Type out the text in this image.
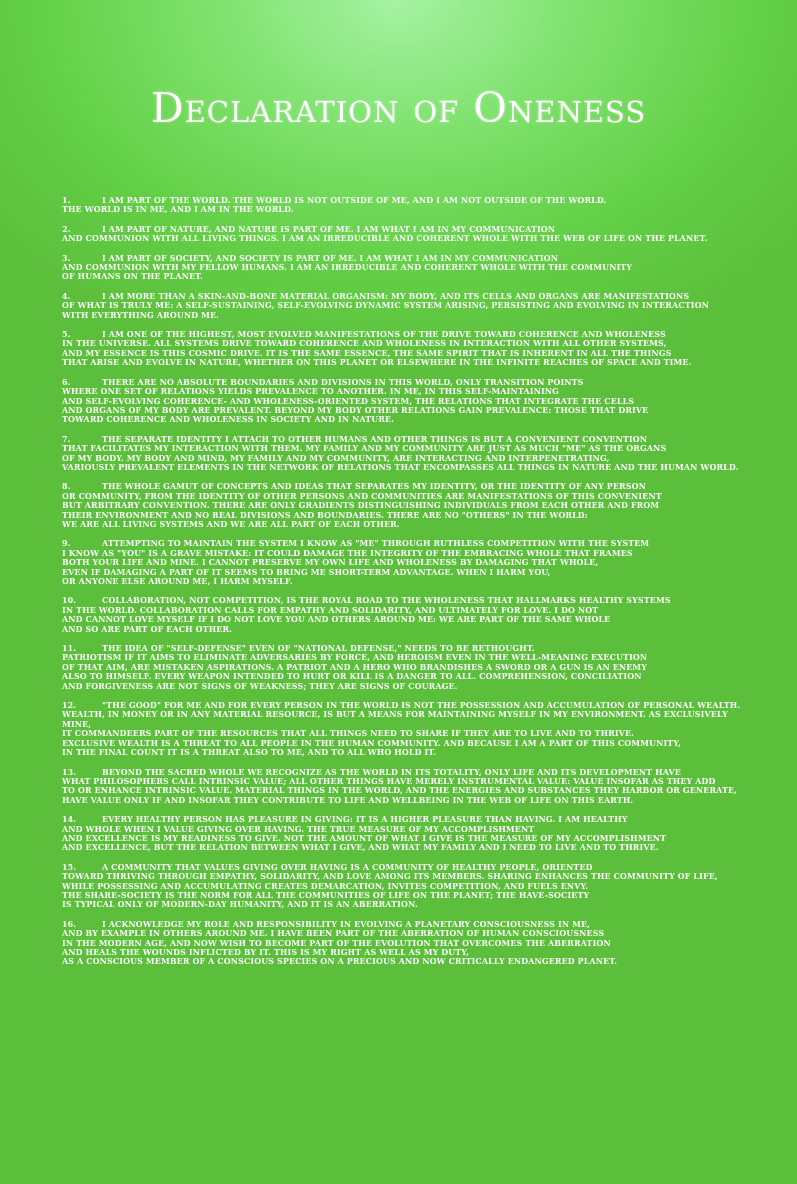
Declaration of Oneness

1.	I AM PART OF THE WORLD. THE WORLD IS NOT OUTSIDE OF ME, AND I AM NOT OUTSIDE OF THE WORLD.
THE WORLD IS IN ME, AND I AM IN THE WORLD.

2.	I AM PART OF NATURE, AND NATURE IS PART OF ME. I AM WHAT I AM IN MY COMMUNICATION
AND COMMUNION WITH ALL LIVING THINGS. I AM AN IRREDUCIBLE AND COHERENT WHOLE WITH THE WEB OF LIFE ON THE PLANET.

3.	I AM PART OF SOCIETY, AND SOCIETY IS PART OF ME. I AM WHAT I AM IN MY COMMUNICATION
AND COMMUNION WITH MY FELLOW HUMANS. I AM AN IRREDUCIBLE AND COHERENT WHOLE WITH THE COMMUNITY
OF HUMANS ON THE PLANET.

4.	I AM MORE THAN A SKIN-AND-BONE MATERIAL ORGANISM: MY BODY, AND ITS CELLS AND ORGANS ARE MANIFESTATIONS
OF WHAT IS TRULY ME: A SELF-SUSTAINING, SELF-EVOLVING DYNAMIC SYSTEM ARISING, PERSISTING AND EVOLVING IN INTERACTION
WITH EVERYTHING AROUND ME.

5.	I AM ONE OF THE HIGHEST, MOST EVOLVED MANIFESTATIONS OF THE DRIVE TOWARD COHERENCE AND WHOLENESS
IN THE UNIVERSE. ALL SYSTEMS DRIVE TOWARD COHERENCE AND WHOLENESS IN INTERACTION WITH ALL OTHER SYSTEMS,
AND MY ESSENCE IS THIS COSMIC DRIVE. IT IS THE SAME ESSENCE, THE SAME SPIRIT THAT IS INHERENT IN ALL THE THINGS
THAT ARISE AND EVOLVE IN NATURE, WHETHER ON THIS PLANET OR ELSEWHERE IN THE INFINITE REACHES OF SPACE AND TIME.

6.	THERE ARE NO ABSOLUTE BOUNDARIES AND DIVISIONS IN THIS WORLD, ONLY TRANSITION POINTS
WHERE ONE SET OF RELATIONS YIELDS PREVALENCE TO ANOTHER. IN ME, IN THIS SELF-MAINTAINING
AND SELF-EVOLVING COHERENCE- AND WHOLENESS-ORIENTED SYSTEM, THE RELATIONS THAT INTEGRATE THE CELLS
AND ORGANS OF MY BODY ARE PREVALENT. BEYOND MY BODY OTHER RELATIONS GAIN PREVALENCE: THOSE THAT DRIVE
TOWARD COHERENCE AND WHOLENESS IN SOCIETY AND IN NATURE.

7.	THE SEPARATE IDENTITY I ATTACH TO OTHER HUMANS AND OTHER THINGS IS BUT A CONVENIENT CONVENTION
THAT FACILITATES MY INTERACTION WITH THEM. MY FAMILY AND MY COMMUNITY ARE JUST AS MUCH "ME" AS THE ORGANS
OF MY BODY. MY BODY AND MIND, MY FAMILY AND MY COMMUNITY, ARE INTERACTING AND INTERPENETRATING,
VARIOUSLY PREVALENT ELEMENTS IN THE NETWORK OF RELATIONS THAT ENCOMPASSES ALL THINGS IN NATURE AND THE HUMAN WORLD.

8.	THE WHOLE GAMUT OF CONCEPTS AND IDEAS THAT SEPARATES MY IDENTITY, OR THE IDENTITY OF ANY PERSON
OR COMMUNITY, FROM THE IDENTITY OF OTHER PERSONS AND COMMUNITIES ARE MANIFESTATIONS OF THIS CONVENIENT
BUT ARBITRARY CONVENTION. THERE ARE ONLY GRADIENTS DISTINGUISHING INDIVIDUALS FROM EACH OTHER AND FROM
THEIR ENVIRONMENT AND NO REAL DIVISIONS AND BOUNDARIES. THERE ARE NO "OTHERS" IN THE WORLD:
WE ARE ALL LIVING SYSTEMS AND WE ARE ALL PART OF EACH OTHER.

9.	ATTEMPTING TO MAINTAIN THE SYSTEM I KNOW AS "ME" THROUGH RUTHLESS COMPETITION WITH THE SYSTEM
I KNOW AS "YOU" IS A GRAVE MISTAKE: IT COULD DAMAGE THE INTEGRITY OF THE EMBRACING WHOLE THAT FRAMES
BOTH YOUR LIFE AND MINE. I CANNOT PRESERVE MY OWN LIFE AND WHOLENESS BY DAMAGING THAT WHOLE,
EVEN IF DAMAGING A PART OF IT SEEMS TO BRING ME SHORT-TERM ADVANTAGE. WHEN I HARM YOU,
OR ANYONE ELSE AROUND ME, I HARM MYSELF.

10.	COLLABORATION, NOT COMPETITION, IS THE ROYAL ROAD TO THE WHOLENESS THAT HALLMARKS HEALTHY SYSTEMS
IN THE WORLD. COLLABORATION CALLS FOR EMPATHY AND SOLIDARITY, AND ULTIMATELY FOR LOVE. I DO NOT
AND CANNOT LOVE MYSELF IF I DO NOT LOVE YOU AND OTHERS AROUND ME: WE ARE PART OF THE SAME WHOLE
AND SO ARE PART OF EACH OTHER.

11.	THE IDEA OF "SELF-DEFENSE" EVEN OF "NATIONAL DEFENSE," NEEDS TO BE RETHOUGHT.
PATRIOTISM IF IT AIMS TO ELIMINATE ADVERSARIES BY FORCE, AND HEROISM EVEN IN THE WELL-MEANING EXECUTION
OF THAT AIM, ARE MISTAKEN ASPIRATIONS. A PATRIOT AND A HERO WHO BRANDISHES A SWORD OR A GUN IS AN ENEMY
ALSO TO HIMSELF. EVERY WEAPON INTENDED TO HURT OR KILL IS A DANGER TO ALL. COMPREHENSION, CONCILIATION
AND FORGIVENESS ARE NOT SIGNS OF WEAKNESS; THEY ARE SIGNS OF COURAGE.

12.	"THE GOOD" FOR ME AND FOR EVERY PERSON IN THE WORLD IS NOT THE POSSESSION AND ACCUMULATION OF PERSONAL WEALTH.
WEALTH, IN MONEY OR IN ANY MATERIAL RESOURCE, IS BUT A MEANS FOR MAINTAINING MYSELF IN MY ENVIRONMENT. AS EXCLUSIVELY MINE,
IT COMMANDEERS PART OF THE RESOURCES THAT ALL THINGS NEED TO SHARE IF THEY ARE TO LIVE AND TO THRIVE.
EXCLUSIVE WEALTH IS A THREAT TO ALL PEOPLE IN THE HUMAN COMMUNITY. AND BECAUSE I AM A PART OF THIS COMMUNITY,
IN THE FINAL COUNT IT IS A THREAT ALSO TO ME, AND TO ALL WHO HOLD IT.

13.	BEYOND THE SACRED WHOLE WE RECOGNIZE AS THE WORLD IN ITS TOTALITY, ONLY LIFE AND ITS DEVELOPMENT HAVE
WHAT PHILOSOPHERS CALL INTRINSIC VALUE; ALL OTHER THINGS HAVE MERELY INSTRUMENTAL VALUE: VALUE INSOFAR AS THEY ADD
TO OR ENHANCE INTRINSIC VALUE. MATERIAL THINGS IN THE WORLD, AND THE ENERGIES AND SUBSTANCES THEY HARBOR OR GENERATE,
HAVE VALUE ONLY IF AND INSOFAR THEY CONTRIBUTE TO LIFE AND WELLBEING IN THE WEB OF LIFE ON THIS EARTH.

14.	EVERY HEALTHY PERSON HAS PLEASURE IN GIVING: IT IS A HIGHER PLEASURE THAN HAVING. I AM HEALTHY
AND WHOLE WHEN I VALUE GIVING OVER HAVING. THE TRUE MEASURE OF MY ACCOMPLISHMENT
AND EXCELLENCE IS MY READINESS TO GIVE. NOT THE AMOUNT OF WHAT I GIVE IS THE MEASURE OF MY ACCOMPLISHMENT
AND EXCELLENCE, BUT THE RELATION BETWEEN WHAT I GIVE, AND WHAT MY FAMILY AND I NEED TO LIVE AND TO THRIVE.

15.	A COMMUNITY THAT VALUES GIVING OVER HAVING IS A COMMUNITY OF HEALTHY PEOPLE, ORIENTED
TOWARD THRIVING THROUGH EMPATHY, SOLIDARITY, AND LOVE AMONG ITS MEMBERS. SHARING ENHANCES THE COMMUNITY OF LIFE,
WHILE POSSESSING AND ACCUMULATING CREATES DEMARCATION, INVITES COMPETITION, AND FUELS ENVY.
THE SHARE-SOCIETY IS THE NORM FOR ALL THE COMMUNITIES OF LIFE ON THE PLANET; THE HAVE-SOCIETY
IS TYPICAL ONLY OF MODERN-DAY HUMANITY, AND IT IS AN ABERRATION.

16.	I ACKNOWLEDGE MY ROLE AND RESPONSIBILITY IN EVOLVING A PLANETARY CONSCIOUSNESS IN ME,
AND BY EXAMPLE IN OTHERS AROUND ME. I HAVE BEEN PART OF THE ABERRATION OF HUMAN CONSCIOUSNESS
IN THE MODERN AGE, AND NOW WISH TO BECOME PART OF THE EVOLUTION THAT OVERCOMES THE ABERRATION
AND HEALS THE WOUNDS INFLICTED BY IT. THIS IS MY RIGHT AS WELL AS MY DUTY,
AS A CONSCIOUS MEMBER OF A CONSCIOUS SPECIES ON A PRECIOUS AND NOW CRITICALLY ENDANGERED PLANET.
